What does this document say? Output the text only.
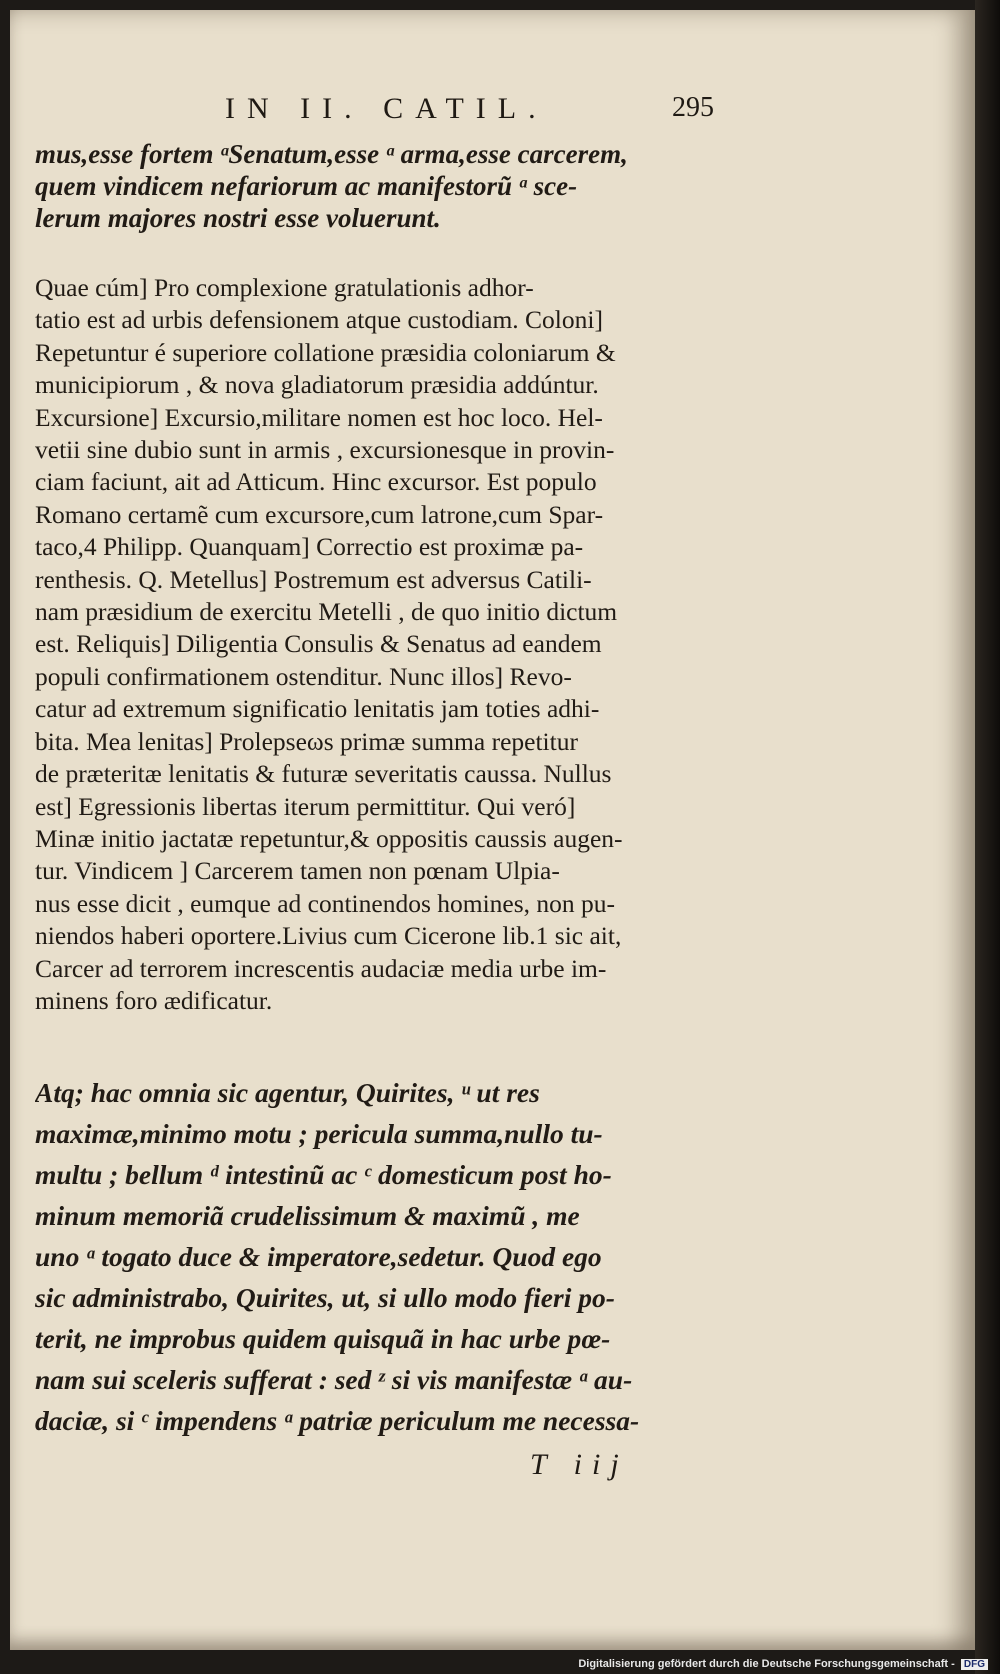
IN II. CATIL.	295
mus,esse fortem ᵃSenatum,esse ᵃ arma,esse carcerem,
quem vindicem nefariorum ac manifestorũ ᵃ sce-
lerum majores nostri esse voluerunt.
Quae cúm] Pro complexione gratulationis adhor-
tatio est ad urbis defensionem atque custodiam. Coloni]
Repetuntur é superiore collatione præsidia coloniarum &
municipiorum , & nova gladiatorum præsidia addúntur.
Excursione] Excursio,militare nomen est hoc loco. Hel-
vetii sine dubio sunt in armis , excursionesque in provin-
ciam faciunt, ait ad Atticum. Hinc excursor. Est populo
Romano certamẽ cum excursore,cum latrone,cum Spar-
taco,4 Philipp. Quanquam] Correctio est proximæ pa-
renthesis. Q. Metellus] Postremum est adversus Catili-
nam præsidium de exercitu Metelli , de quo initio dictum
est. Reliquis] Diligentia Consulis & Senatus ad eandem
populi confirmationem ostenditur. Nunc illos] Revo-
catur ad extremum significatio lenitatis jam toties adhi-
bita. Mea lenitas] Prolepseωs primæ summa repetitur
de præteritæ lenitatis & futuræ severitatis caussa. Nullus
est] Egressionis libertas iterum permittitur. Qui veró]
Minæ initio jactatæ repetuntur,& oppositis caussis augen-
tur. Vindicem ] Carcerem tamen non pœnam Ulpia-
nus esse dicit , eumque ad continendos homines, non pu-
niendos haberi oportere.Livius cum Cicerone lib.1 sic ait,
Carcer ad terrorem increscentis audaciæ media urbe im-
minens foro ædificatur.
Atq; hac omnia sic agentur, Quirites, ᵘ ut res
maximæ,minimo motu ; pericula summa,nullo tu-
multu ; bellum ᵈ intestinũ ac ᶜ domesticum post ho-
minum memoriã crudelissimum & maximũ , me
uno ᵃ togato duce & imperatore,sedetur. Quod ego
sic administrabo, Quirites, ut, si ullo modo fieri po-
terit, ne improbus quidem quisquã in hac urbe pœ-
nam sui sceleris sufferat : sed ᶻ si vis manifestæ ᵃ au-
daciæ, si ᶜ impendens ᵃ patriæ periculum me necessa-
T iij
Digitalisierung gefördert durch die Deutsche Forschungsgemeinschaft - DFG
